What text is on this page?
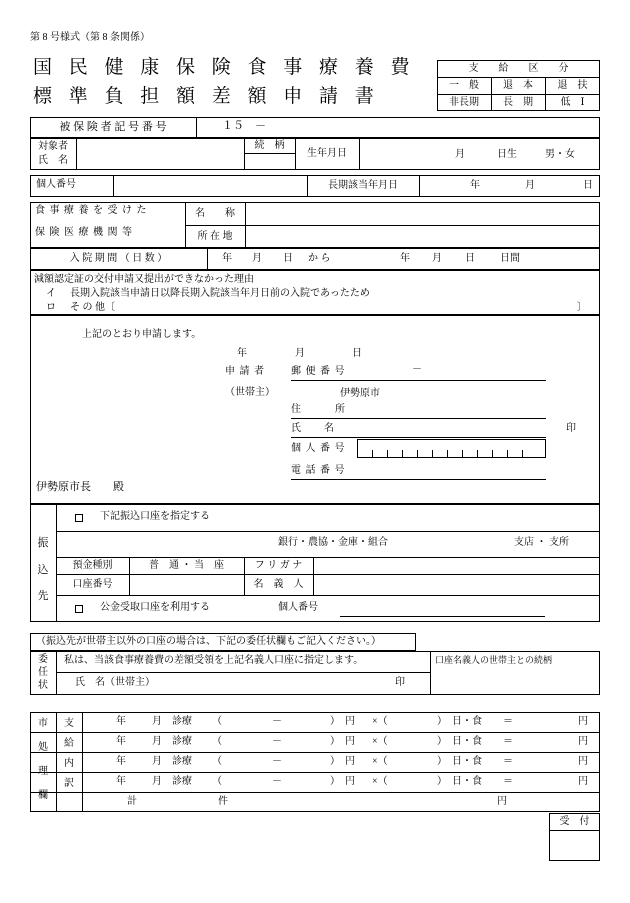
第 8 号様式（第 8 条関係）
国 民 健 康 保 険 食 事 療 養 費
標 準 負 担 額 差 額 申 請 書
支　　給　　区　　分
一　般	退　本	退　扶
非長期	長　期	低　Ⅰ
被 保 険 者 記 号 番 号	１５　－
対象者
氏　名
続　柄
生年月日	月	日生	男・女
個人番号	長期該当年月日	年	月	日
食 事 療 養 を 受 け た
保 険 医 療 機 関 等
名　　称
所 在 地
入 院 期 間 （ 日 数 ）	年 月 日 か ら	年 月 日	日間
減額認定証の交付申請又提出ができなかった理由
イ 長期入院該当申請日以降長期入院該当年月日前の入院であったため
ロ そ の 他〔	〕
上記のとおり申請します。
年	月	日
申 請 者
（世帯主）
郵 便 番 号	－
伊勢原市
住　　　所
氏　　名	印
個 人 番 号
電 話 番 号
伊勢原市長　　殿
振
込
先
下記振込口座を指定する
銀行・農協・金庫・組合	支店 ・ 支所
預金種別	普　通 ・ 当　座	フ リ ガ ナ
口座番号	名　義　人
公金受取口座を利用する	個人番号
（振込先が世帯主以外の口座の場合は、下記の委任状欄もご記入ください。）
委
任
状
私は、当該食事療養費の差額受領を上記名義人口座に指定します。
氏　名（世帯主）	印
口座名義人の世帯主との続柄
市
処
理
欄
支
給
内
訳
年	月 診療 （	－	） 円 ×（	） 日・食 ＝	円
年	月 診療 （	－	） 円 ×（	） 日・食 ＝	円
年	月 診療 （	－	） 円 ×（	） 日・食 ＝	円
年	月 診療 （	－	） 円 ×（	） 日・食 ＝	円
計	件	円
受　付
